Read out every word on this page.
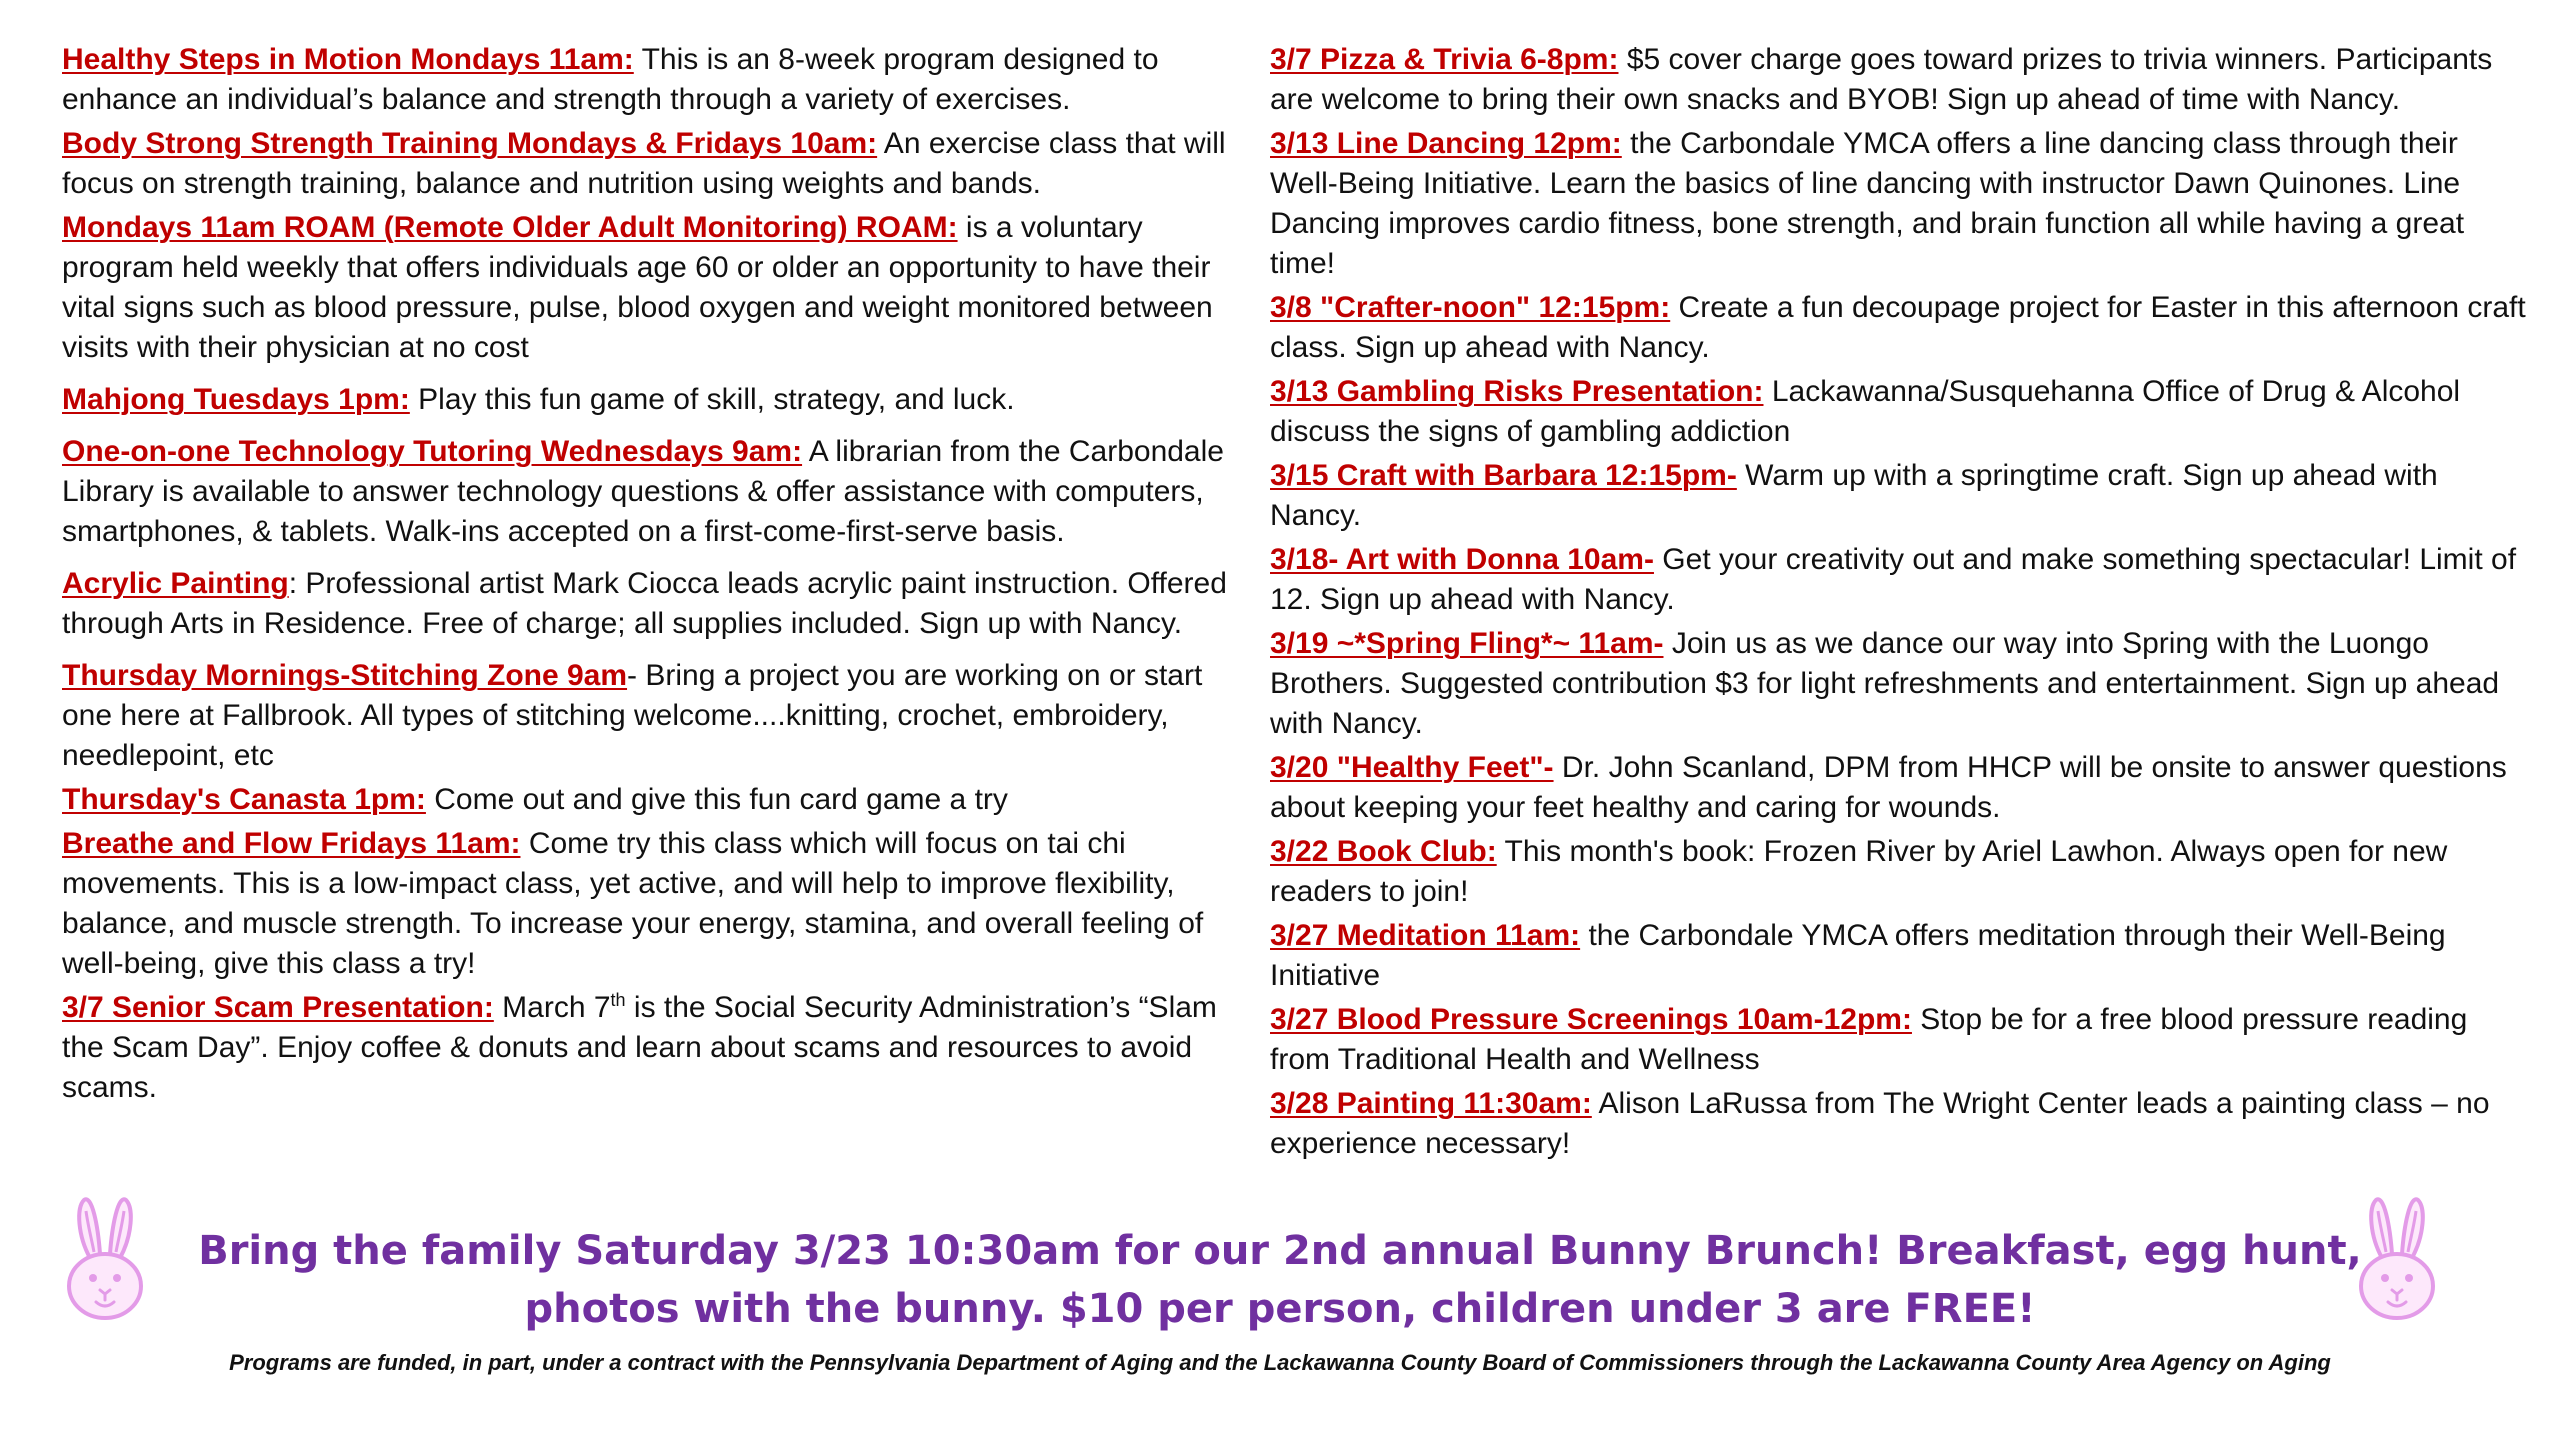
Healthy Steps in Motion Mondays 11am: This is an 8-week program designed to enhance an individual’s balance and strength through a variety of exercises.

Body Strong Strength Training Mondays & Fridays 10am: An exercise class that will focus on strength training, balance and nutrition using weights and bands.

Mondays 11am ROAM (Remote Older Adult Monitoring) ROAM: is a voluntary program held weekly that offers individuals age 60 or older an opportunity to have their vital signs such as blood pressure, pulse, blood oxygen and weight monitored between visits with their physician at no cost

Mahjong Tuesdays 1pm: Play this fun game of skill, strategy, and luck.

One-on-one Technology Tutoring Wednesdays 9am: A librarian from the Carbondale Library is available to answer technology questions & offer assistance with computers, smartphones, & tablets. Walk-ins accepted on a first-come-first-serve basis.

Acrylic Painting: Professional artist Mark Ciocca leads acrylic paint instruction. Offered through Arts in Residence. Free of charge; all supplies included. Sign up with Nancy.

Thursday Mornings-Stitching Zone 9am- Bring a project you are working on or start one here at Fallbrook. All types of stitching welcome....knitting, crochet, embroidery, needlepoint, etc

Thursday's Canasta 1pm: Come out and give this fun card game a try

Breathe and Flow Fridays 11am: Come try this class which will focus on tai chi movements. This is a low-impact class, yet active, and will help to improve flexibility, balance, and muscle strength. To increase your energy, stamina, and overall feeling of well-being, give this class a try!

3/7 Senior Scam Presentation: March 7th is the Social Security Administration’s “Slam the Scam Day”. Enjoy coffee & donuts and learn about scams and resources to avoid scams.

3/7 Pizza & Trivia 6-8pm: $5 cover charge goes toward prizes to trivia winners. Participants are welcome to bring their own snacks and BYOB! Sign up ahead of time with Nancy.

3/13 Line Dancing 12pm: the Carbondale YMCA offers a line dancing class through their Well-Being Initiative. Learn the basics of line dancing with instructor Dawn Quinones. Line Dancing improves cardio fitness, bone strength, and brain function all while having a great time!

3/8 "Crafter-noon" 12:15pm: Create a fun decoupage project for Easter in this afternoon craft class. Sign up ahead with Nancy.

3/13 Gambling Risks Presentation: Lackawanna/Susquehanna Office of Drug & Alcohol discuss the signs of gambling addiction

3/15 Craft with Barbara 12:15pm- Warm up with a springtime craft. Sign up ahead with Nancy.

3/18- Art with Donna 10am- Get your creativity out and make something spectacular! Limit of 12. Sign up ahead with Nancy.

3/19 ~*Spring Fling*~ 11am- Join us as we dance our way into Spring with the Luongo Brothers. Suggested contribution $3 for light refreshments and entertainment. Sign up ahead with Nancy.

3/20 "Healthy Feet"- Dr. John Scanland, DPM from HHCP will be onsite to answer questions about keeping your feet healthy and caring for wounds.

3/22 Book Club: This month's book: Frozen River by Ariel Lawhon. Always open for new readers to join!

3/27 Meditation 11am: the Carbondale YMCA offers meditation through their Well-Being Initiative

3/27 Blood Pressure Screenings 10am-12pm: Stop be for a free blood pressure reading from Traditional Health and Wellness

3/28 Painting 11:30am: Alison LaRussa from The Wright Center leads a painting class – no experience necessary!

Bring the family Saturday 3/23 10:30am for our 2nd annual Bunny Brunch! Breakfast, egg hunt, photos with the bunny. $10 per person, children under 3 are FREE!
Programs are funded, in part, under a contract with the Pennsylvania Department of Aging and the Lackawanna County Board of Commissioners through the Lackawanna County Area Agency on Aging
